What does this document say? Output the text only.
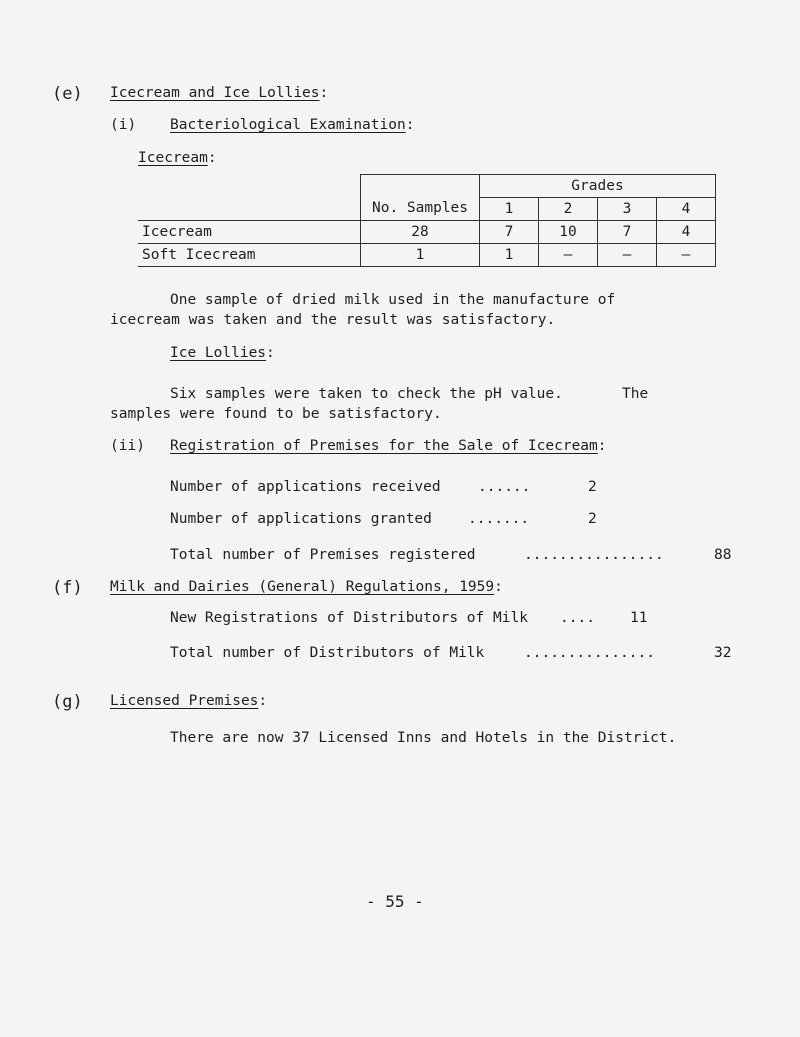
(e) Icecream and Ice Lollies:
(i) Bacteriological Examination:
Icecream:
	No. Samples	Grades			
		1	2	3	4
Icecream	28	7	10	7	4
Soft Icecream	1	1	–	–	–
One sample of dried milk used in the manufacture of
icecream was taken and the result was satisfactory.
Ice Lollies:
Six samples were taken to check the pH value.	The
samples were found to be satisfactory.
(ii) Registration of Premises for the Sale of Icecream:
Number of applications received	......	2
Number of applications granted .......	2
Total number of Premises registered	................	88
(f) Milk and Dairies (General) Regulations, 1959:
New Registrations of Distributors of Milk .... 11
Total number of Distributors of Milk	...............	32
(g) Licensed Premises:
There are now 37 Licensed Inns and Hotels in the District.
- 55 -
